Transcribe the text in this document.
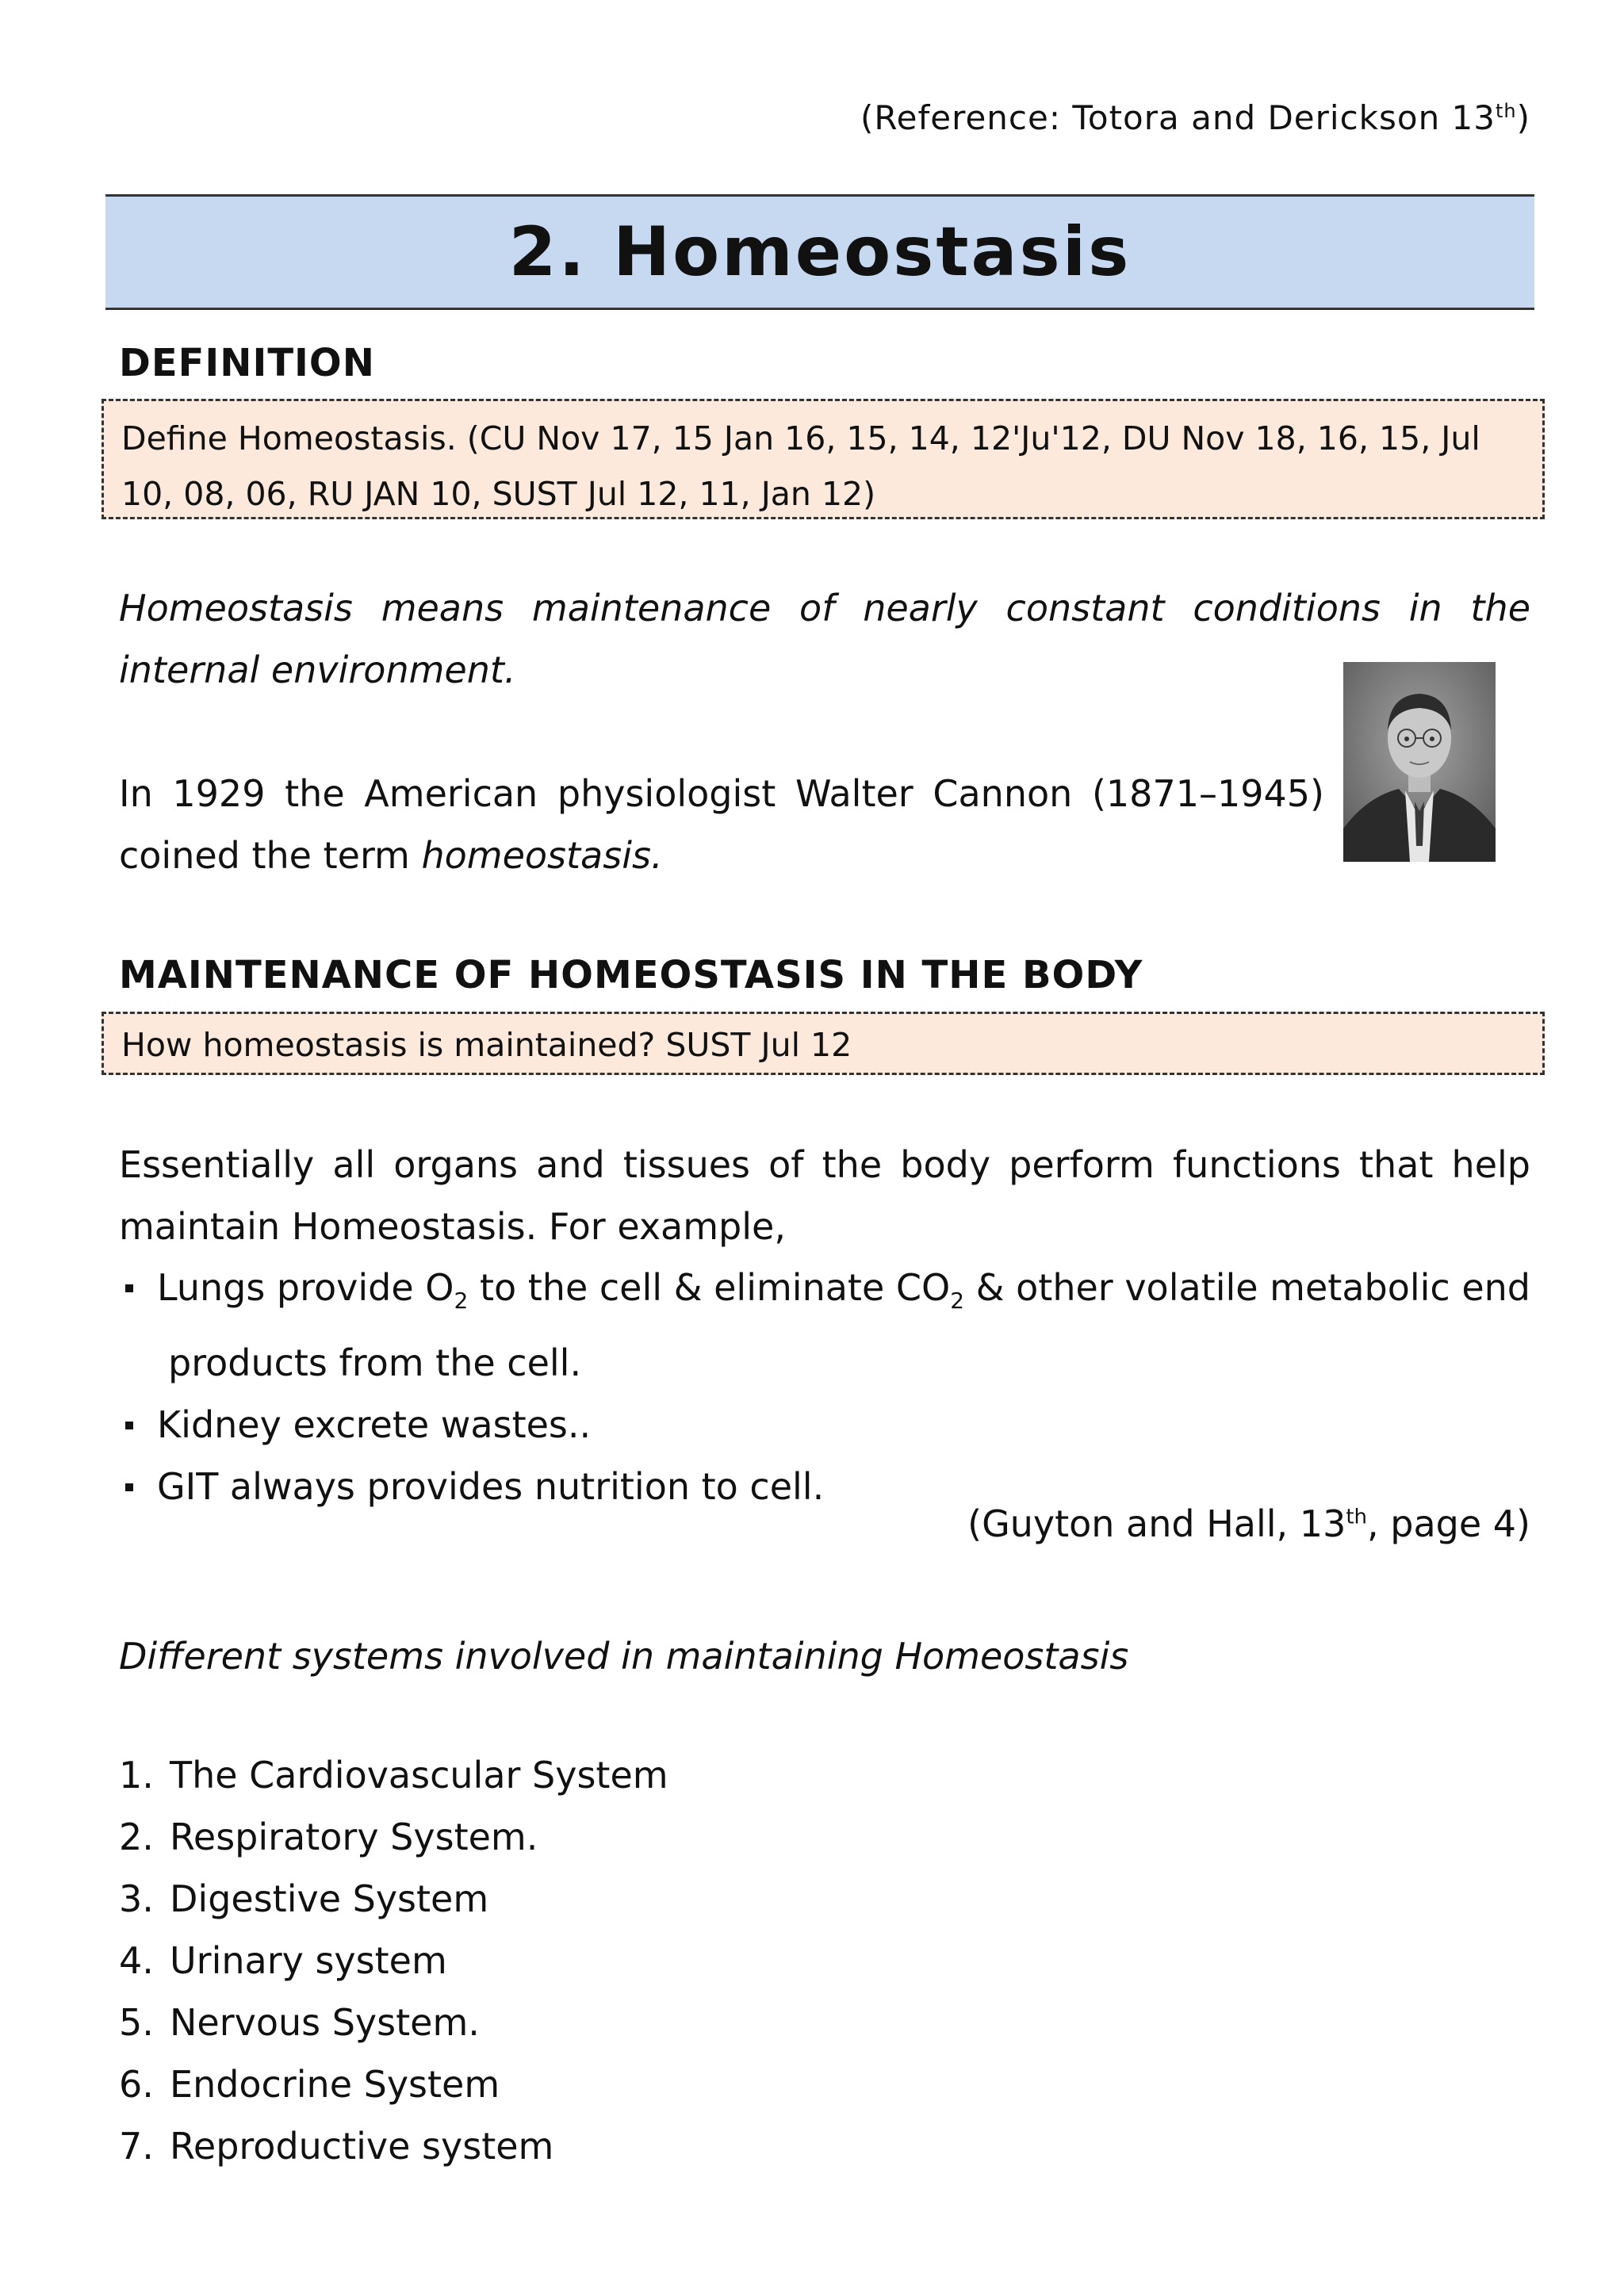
(Reference: Totora and Derickson 13th)
2. Homeostasis
DEFINITION
Define Homeostasis. (CU Nov 17, 15 Jan 16, 15, 14, 12'Ju'12, DU Nov 18, 16, 15, Jul 10, 08, 06, RU JAN 10, SUST Jul 12, 11, Jan 12)
Homeostasis means maintenance of nearly constant conditions in the internal environment.
In 1929 the American physiologist Walter Cannon (1871–1945) coined the term homeostasis.
MAINTENANCE OF HOMEOSTASIS IN THE BODY
How homeostasis is maintained? SUST Jul 12
Essentially all organs and tissues of the body perform functions that help maintain Homeostasis. For example,
Lungs provide $O_2$ to the cell & eliminate $CO_2$ & other volatile metabolic end
products from the cell.
Kidney excrete wastes..
GIT always provides nutrition to cell.
(Guyton and Hall, 13th, page 4)
Different systems involved in maintaining Homeostasis
1. The Cardiovascular System
2. Respiratory System.
3. Digestive System
4. Urinary system
5. Nervous System.
6. Endocrine System
7. Reproductive system
